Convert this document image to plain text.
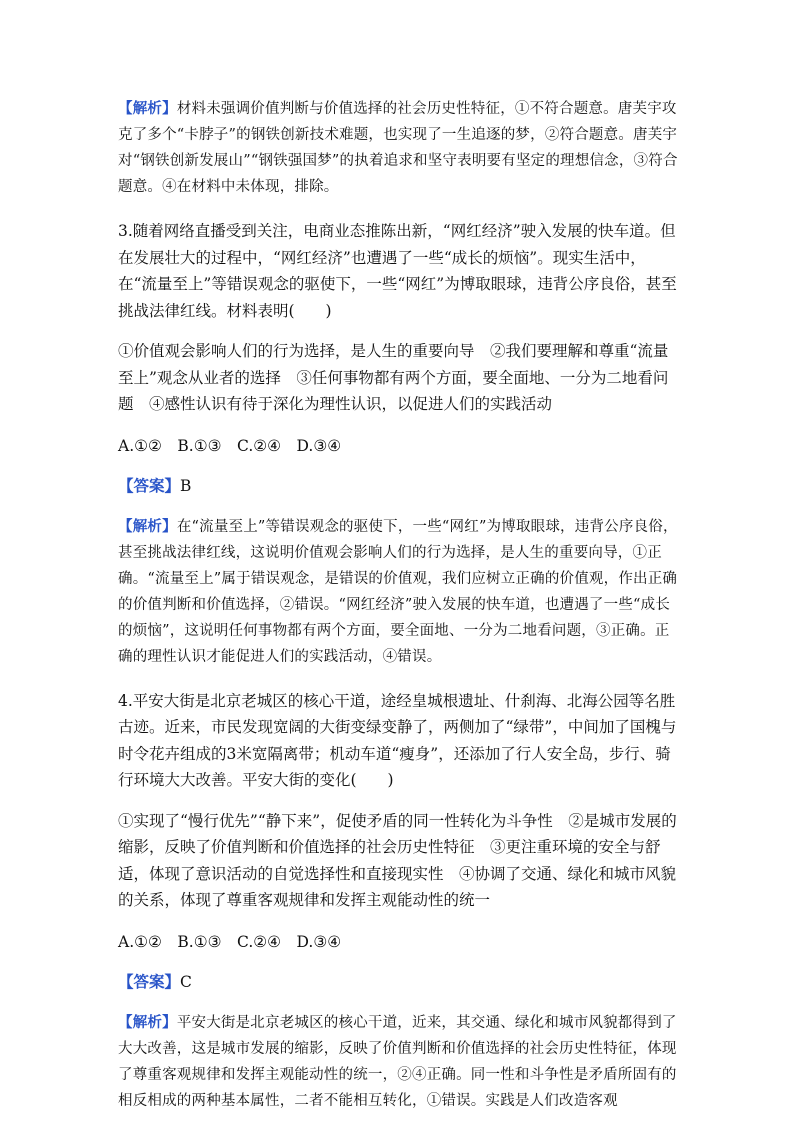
【解析】材料未强调价值判断与价值选择的社会历史性特征，①不符合题意。唐芙宇攻克了多个“卡脖子”的钢铁创新技术难题，也实现了一生追逐的梦，②符合题意。唐芙宇对“钢铁创新发展山”“钢铁强国梦”的执着追求和坚守表明要有坚定的理想信念，③符合题意。④在材料中未体现，排除。

3.随着网络直播受到关注，电商业态推陈出新，“网红经济”驶入发展的快车道。但在发展壮大的过程中，“网红经济”也遭遇了一些“成长的烦恼”。现实生活中，在“流量至上”等错误观念的驱使下，一些“网红”为博取眼球，违背公序良俗，甚至挑战法律红线。材料表明(　　)

①价值观会影响人们的行为选择，是人生的重要向导　②我们要理解和尊重“流量至上”观念从业者的选择　③任何事物都有两个方面，要全面地、一分为二地看问题　④感性认识有待于深化为理性认识，以促进人们的实践活动

A.①②　B.①③　C.②④　D.③④

【答案】B

【解析】在“流量至上”等错误观念的驱使下，一些“网红”为博取眼球，违背公序良俗，甚至挑战法律红线，这说明价值观会影响人们的行为选择，是人生的重要向导，①正确。“流量至上”属于错误观念，是错误的价值观，我们应树立正确的价值观，作出正确的价值判断和价值选择，②错误。“网红经济”驶入发展的快车道，也遭遇了一些“成长的烦恼”，这说明任何事物都有两个方面，要全面地、一分为二地看问题，③正确。正确的理性认识才能促进人们的实践活动，④错误。

4.平安大街是北京老城区的核心干道，途经皇城根遗址、什刹海、北海公园等名胜古迹。近来，市民发现宽阔的大街变绿变静了，两侧加了“绿带”，中间加了国槐与时令花卉组成的3米宽隔离带；机动车道“瘦身”，还添加了行人安全岛，步行、骑行环境大大改善。平安大街的变化(　　)

①实现了“慢行优先”“静下来”，促使矛盾的同一性转化为斗争性　②是城市发展的缩影，反映了价值判断和价值选择的社会历史性特征　③更注重环境的安全与舒适，体现了意识活动的自觉选择性和直接现实性　④协调了交通、绿化和城市风貌的关系，体现了尊重客观规律和发挥主观能动性的统一

A.①②　B.①③　C.②④　D.③④

【答案】C

【解析】平安大街是北京老城区的核心干道，近来，其交通、绿化和城市风貌都得到了大大改善，这是城市发展的缩影，反映了价值判断和价值选择的社会历史性特征，体现了尊重客观规律和发挥主观能动性的统一，②④正确。同一性和斗争性是矛盾所固有的相反相成的两种基本属性，二者不能相互转化，①错误。实践是人们改造客观
